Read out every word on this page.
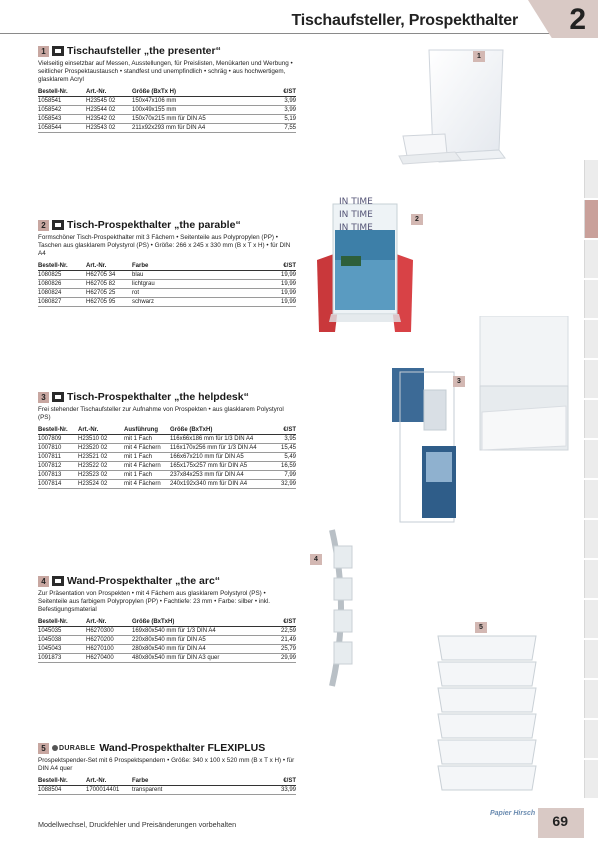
Tischaufsteller, Prospekthalter 2
1	Tischaufsteller „the presenter“
Vielseitig einsetzbar auf Messen, Ausstellungen, für Preislisten, Menükarten und Werbung • seitlicher Prospektaustausch • standfest und unempfindlich • schräg • aus hochwertigem, glasklarem Acryl
Bestell-Nr.	Art.-Nr.	Größe (BxTx H)	€/ST
1058541	H23545 02	150x47x106 mm	3,99
1058542	H23544 02	100x49x155 mm	3,99
1058543	H23542 02	150x70x215 mm für DIN A5	5,19
1058544	H23543 02	211x92x293 mm für DIN A4	7,55
2	Tisch-Prospekthalter „the parable“
Formschöner Tisch-Prospekthalter mit 3 Fächern • Seitenteile aus Polypropylen (PP) • Taschen aus glasklarem Polystyrol (PS) • Größe: 266 x 245 x 330 mm (B x T x H) • für DIN A4
Bestell-Nr.	Art.-Nr.	Farbe	€/ST
1080825	H62705 34	blau	19,99
1080826	H62705 82	lichtgrau	19,99
1080824	H62705 25	rot	19,99
1080827	H62705 95	schwarz	19,99
3	Tisch-Prospekthalter „the helpdesk“
Frei stehender Tischaufsteller zur Aufnahme von Prospekten • aus glasklarem Polystyrol (PS)
Bestell-Nr.	Art.-Nr.	Ausführung	Größe (BxTxH)	€/ST
1007809	H23510 02	mit 1 Fach	116x66x186 mm für 1/3 DIN A4	3,95
1007810	H23520 02	mit 4 Fächern	116x170x256 mm für 1/3 DIN A4	15,45
1007811	H23521 02	mit 1 Fach	166x67x210 mm für DIN A5	5,49
1007812	H23522 02	mit 4 Fächern	165x175x257 mm für DIN A5	16,59
1007813	H23523 02	mit 1 Fach	237x84x253 mm für DIN A4	7,99
1007814	H23524 02	mit 4 Fächern	240x192x340 mm für DIN A4	32,99
4	Wand-Prospekthalter „the arc“
Zur Präsentation von Prospekten • mit 4 Fächern aus glasklarem Polystyrol (PS) • Seitenteile aus farbigem Polypropylen (PP) • Fachtiefe: 23 mm • Farbe: silber • inkl. Befestigungsmaterial
Bestell-Nr.	Art.-Nr.	Größe (BxTxH)	€/ST
1045035	H6270300	169x80x540 mm für 1/3 DIN A4	22,59
1045038	H6270200	220x80x540 mm für DIN A5	21,49
1045043	H6270100	280x80x540 mm für DIN A4	25,79
1091873	H6270400	480x80x540 mm für DIN A3 quer	29,99
5	DURABLE Wand-Prospekthalter FLEXIPLUS
Prospektspender-Set mit 6 Prospektspendern • Größe: 340 x 100 x 520 mm (B x T x H) • für DIN A4 quer
Bestell-Nr.	Art.-Nr.	Farbe	€/ST
1088504	1700014401	transparent	33,99
1
IN TIME
IN TIME
IN TIME
2
3
4
5
Modellwechsel, Druckfehler und Preisänderungen vorbehalten
Papier Hirsch 69
